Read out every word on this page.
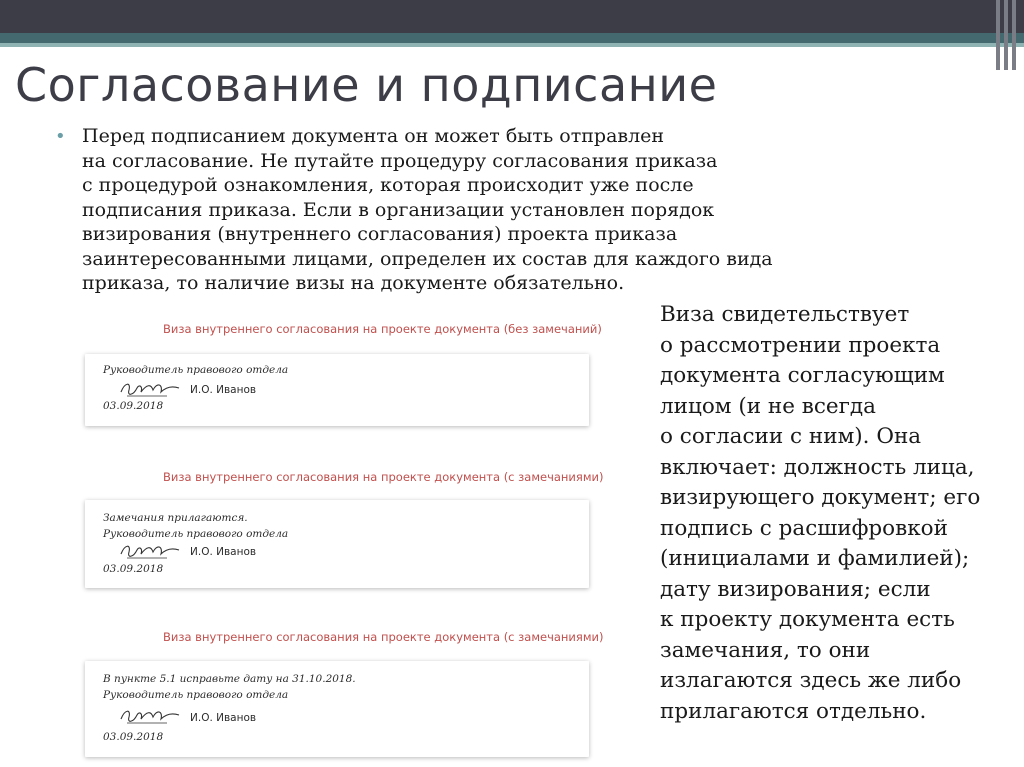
Согласование и подписание
• Перед подписанием документа он может быть отправлен
на согласование. Не путайте процедуру согласования приказа
с процедурой ознакомления, которая происходит уже после
подписания приказа. Если в организации установлен порядок
визирования (внутреннего согласования) проекта приказа
заинтересованными лицами, определен их состав для каждого вида
приказа, то наличие визы на документе обязательно.
Виза свидетельствует
о рассмотрении проекта
документа согласующим
лицом (и не всегда
о согласии с ним). Она
включает: должность лица,
визирующего документ; его
подпись с расшифровкой
(инициалами и фамилией);
дату визирования; если
к проекту документа есть
замечания, то они
излагаются здесь же либо
прилагаются отдельно.
Виза внутреннего согласования на проекте документа (без замечаний)
Руководитель правового отдела
И.О. Иванов
03.09.2018
Виза внутреннего согласования на проекте документа (с замечаниями)
Замечания прилагаются.
Руководитель правового отдела
И.О. Иванов
03.09.2018
Виза внутреннего согласования на проекте документа (с замечаниями)
В пункте 5.1 исправьте дату на 31.10.2018.
Руководитель правового отдела
И.О. Иванов
03.09.2018
